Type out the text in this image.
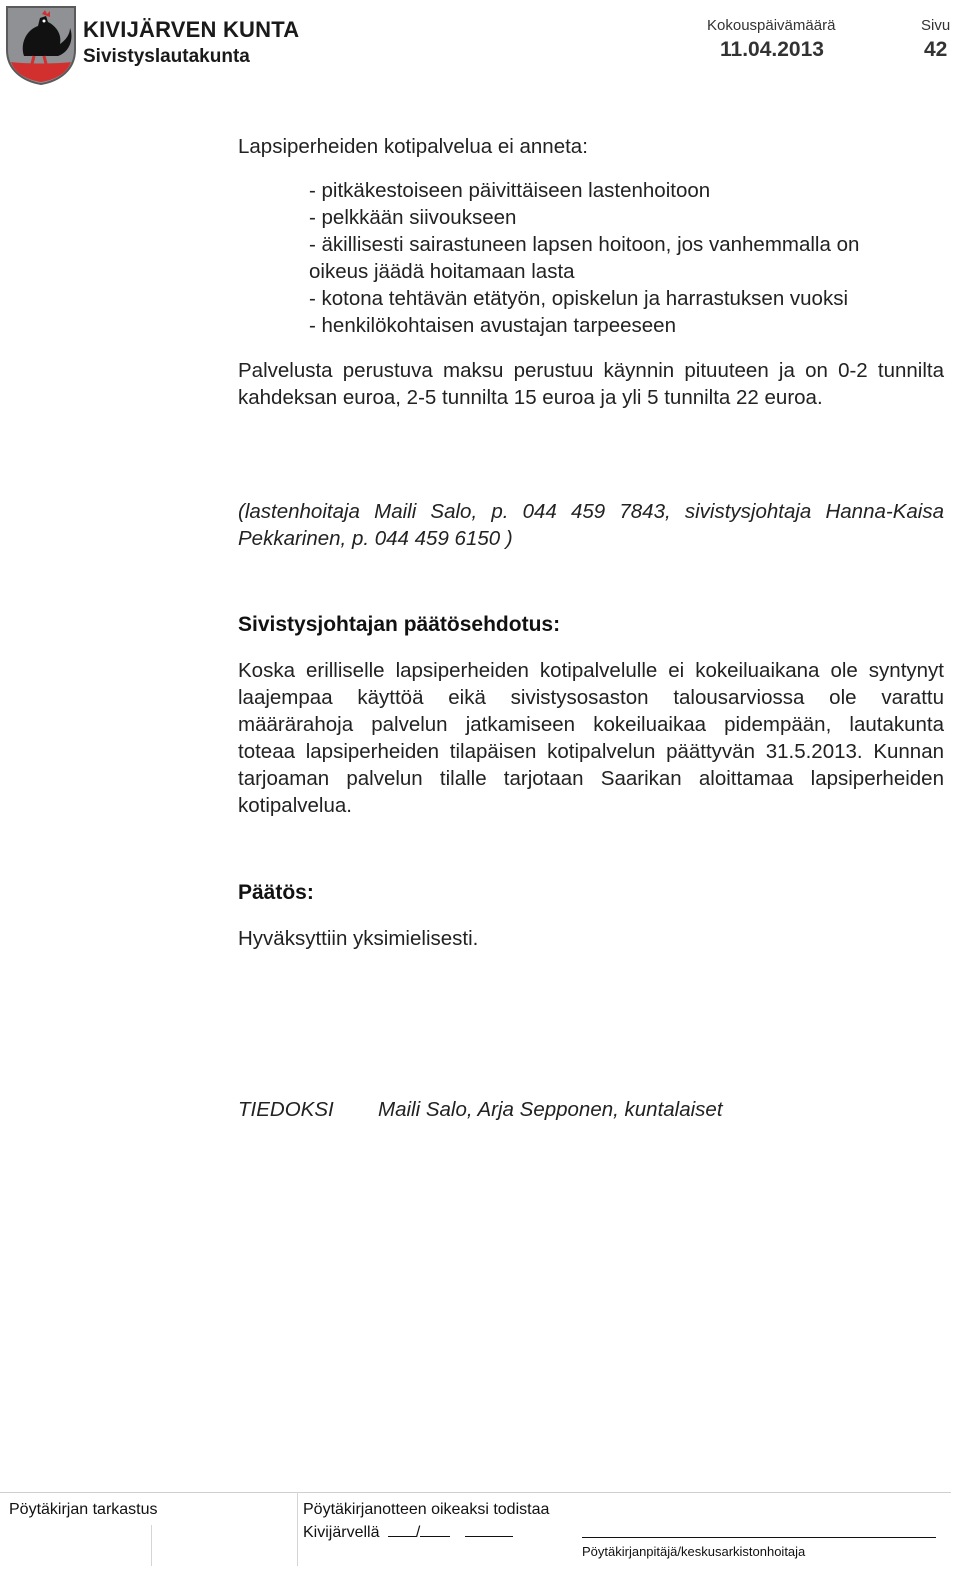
KIVIJÄRVEN KUNTA
Sivistyslautakunta
Kokouspäivämäärä
11.04.2013
Sivu
42
Lapsiperheiden kotipalvelua ei anneta:
- pitkäkestoiseen päivittäiseen lastenhoitoon
- pelkkään siivoukseen
- äkillisesti sairastuneen lapsen hoitoon, jos vanhemmalla on
oikeus jäädä hoitamaan lasta
- kotona tehtävän etätyön, opiskelun ja harrastuksen vuoksi
- henkilökohtaisen avustajan tarpeeseen
Palvelusta perustuva maksu perustuu käynnin pituuteen ja on 0-2 tunnilta kahdeksan euroa, 2-5 tunnilta 15 euroa ja yli 5 tunnilta 22 euroa.
(lastenhoitaja Maili Salo, p. 044 459 7843, sivistysjohtaja Hanna-Kaisa Pekkarinen, p. 044 459 6150 )
Sivistysjohtajan päätösehdotus:
Koska erilliselle lapsiperheiden kotipalvelulle ei kokeiluaikana ole syntynyt laajempaa käyttöä eikä sivistysosaston talousarviossa ole varattu määrärahoja palvelun jatkamiseen kokeiluaikaa pidempään, lautakunta toteaa lapsiperheiden tilapäisen kotipalvelun päättyvän 31.5.2013. Kunnan tarjoaman palvelun tilalle tarjotaan Saarikan aloittamaa lapsiperheiden kotipalvelua.
Päätös:
Hyväksyttiin yksimielisesti.
TIEDOKSI Maili Salo, Arja Sepponen, kuntalaiset
Pöytäkirjan tarkastus	Pöytäkirjanotteen oikeaksi todistaa
Kivijärvellä /
Pöytäkirjanpitäjä/keskusarkistonhoitaja
